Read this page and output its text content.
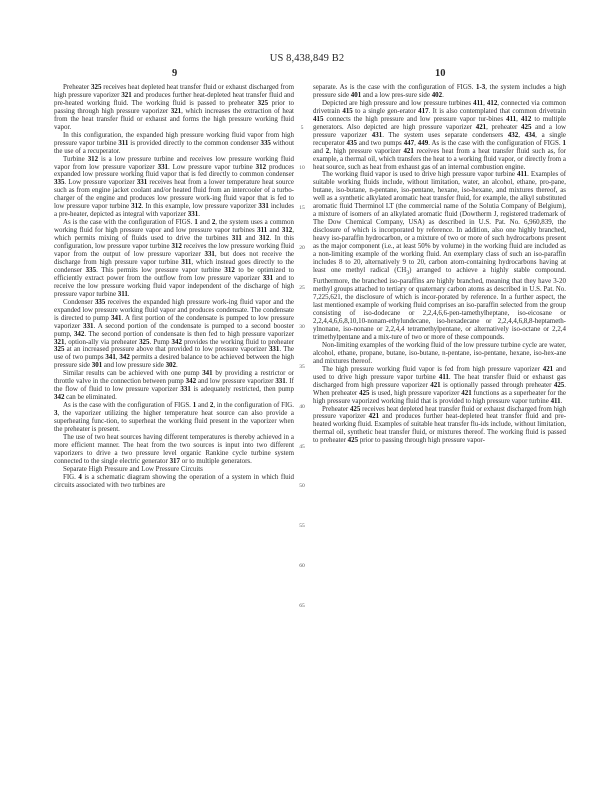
US 8,438,849 B2
9	10

Preheater 325 receives heat depleted heat transfer fluid or exhaust discharged from high pressure vaporizer 321 and produces further heat-depleted heat transfer fluid and pre-heated working fluid. The working fluid is passed to preheater 325 prior to passing through high pressure vaporizer 321, which increases the extraction of heat from the heat transfer fluid or exhaust and forms the high pressure working fluid vapor.

In this configuration, the expanded high pressure working fluid vapor from high pressure vapor turbine 311 is provided directly to the common condenser 335 without the use of a recuperator.

Turbine 312 is a low pressure turbine and receives low pressure working fluid vapor from low pressure vaporizer 331. Low pressure vapor turbine 312 produces expanded low pressure working fluid vapor that is fed directly to common condenser 335. Low pressure vaporizer 331 receives heat from a lower temperature heat source such as from engine jacket coolant and/or heated fluid from an intercooler of a turbo-charger of the engine and produces low pressure work-ing fluid vapor that is fed to low pressure vapor turbine 312. In this example, low pressure vaporizer 331 includes a pre-heater, depicted as integral with vaporizer 331.

As is the case with the configuration of FIGS. 1 and 2, the system uses a common working fluid for high pressure vapor and low pressure vapor turbines 311 and 312, which permits mixing of fluids used to drive the turbines 311 and 312. In this configuration, low pressure vapor turbine 312 receives the low pressure working fluid vapor from the output of low pressure vaporizer 331, but does not receive the discharge from high pressure vapor turbine 311, which instead goes directly to the condenser 335. This permits low pressure vapor turbine 312 to be optimized to efficiently extract power from the outflow from low pressure vaporizer 331 and to receive the low pressure working fluid vapor independent of the discharge of high pressure vapor turbine 311.

Condenser 335 receives the expanded high pressure work-ing fluid vapor and the expanded low pressure working fluid vapor and produces condensate. The condensate is directed to pump 341. A first portion of the condensate is pumped to low pressure vaporizer 331. A second portion of the condensate is pumped to a second booster pump, 342. The second portion of condensate is then fed to high pressure vaporizer 321, option-ally via preheater 325. Pump 342 provides the working fluid to preheater 325 at an increased pressure above that provided to low pressure vaporizer 331. The use of two pumps 341, 342 permits a desired balance to be achieved between the high pressure side 301 and low pressure side 302.

Similar results can be achieved with one pump 341 by providing a restrictor or throttle valve in the connection between pump 342 and low pressure vaporizer 331. If the flow of fluid to low pressure vaporizer 331 is adequately restricted, then pump 342 can be eliminated.

As is the case with the configuration of FIGS. 1 and 2, in the configuration of FIG. 3, the vaporizer utilizing the higher temperature heat source can also provide a superheating func-tion, to superheat the working fluid present in the vaporizer when the preheater is present.

The use of two heat sources having different temperatures is thereby achieved in a more efficient manner. The heat from the two sources is input into two different vaporizers to drive a two pressure level organic Rankine cycle turbine system connected to the single electric generator 317 or to multiple generators.

Separate High Pressure and Low Pressure Circuits

FIG. 4 is a schematic diagram showing the operation of a system in which fluid circuits associated with two turbines are

separate. As is the case with the configuration of FIGS. 1-3, the system includes a high pressure side 401 and a low pres-sure side 402.

Depicted are high pressure and low pressure turbines 411, 412, connected via common drivetrain 415 to a single gen-erator 417. It is also contemplated that common drivetrain 415 connects the high pressure and low pressure vapor tur-bines 411, 412 to multiple generators. Also depicted are high pressure vaporizer 421, preheater 425 and a low pressure vaporizer 431. The system uses separate condensers 432, 434, a single recuperator 435 and two pumps 447, 449. As is the case with the configuration of FIGS. 1 and 2, high pressure vaporizer 421 receives heat from a heat transfer fluid such as, for example, a thermal oil, which transfers the heat to a working fluid vapor, or directly from a heat source, such as heat from exhaust gas of an internal combustion engine.

The working fluid vapor is used to drive high pressure vapor turbine 411. Examples of suitable working fluids include, without limitation, water, an alcohol, ethane, pro-pane, butane, iso-butane, n-pentane, iso-pentane, hexane, iso-hexane, and mixtures thereof, as well as a synthetic alkylated aromatic heat transfer fluid, for example, the alkyl substituted aromatic fluid Therminol LT (the commercial name of the Solutia Company of Belgium), a mixture of isomers of an alkylated aromatic fluid (Dowtherm J, registered trademark of The Dow Chemical Company, USA) as described in U.S. Pat. No. 6,960,839, the disclosure of which is incorporated by reference. In addition, also one highly branched, heavy iso-paraffin hydrocarbon, or a mixture of two or more of such hydrocarbons present as the major component (i.e., at least 50% by volume) in the working fluid are included as a non-limiting example of the working fluid. An exemplary class of such an iso-paraffin includes 8 to 20, alternatively 9 to 20, carbon atom-containing hydrocarbons having at least one methyl radical $(CH_3)$ arranged to achieve a highly stable compound. Furthermore, the branched iso-paraffins are highly branched, meaning that they have 3-20 methyl groups attached to tertiary or quaternary carbon atoms as described in U.S. Pat. No. 7,225,621, the disclosure of which is incor-porated by reference. In a further aspect, the last mentioned example of working fluid comprises an iso-paraffin selected from the group consisting of iso-dodecane or 2,2,4,6,6-pen-tamethylheptane, iso-eicosane or 2,2,4,4,6,6,8,10,10-nonam-ethylundecane, iso-hexadecane or 2,2,4,4,6,8,8-heptameth-ylnonane, iso-nonane or 2,2,4,4 tetramethylpentane, or alternatively iso-octane or 2,2,4 trimethylpentane and a mix-ture of two or more of these compounds.

Non-limiting examples of the working fluid of the low pressure turbine cycle are water, alcohol, ethane, propane, butane, iso-butane, n-pentane, iso-pentane, hexane, iso-hex-ane and mixtures thereof.

The high pressure working fluid vapor is fed from high pressure vaporizer 421 and used to drive high pressure vapor turbine 411. The heat transfer fluid or exhaust gas discharged from high pressure vaporizer 421 is optionally passed through preheater 425. When preheater 425 is used, high pressure vaporizer 421 functions as a superheater for the high pressure vaporized working fluid that is provided to high pressure vapor turbine 411.

Preheater 425 receives heat depleted heat transfer fluid or exhaust discharged from high pressure vaporizer 421 and produces further heat-depleted heat transfer fluid and pre-heated working fluid. Examples of suitable heat transfer flu-ids include, without limitation, thermal oil, synthetic heat transfer fluid, or mixtures thereof. The working fluid is passed to preheater 425 prior to passing through high pressure vapor-

5
10
15
20
25
30
35
40
45
50
55
60
65
